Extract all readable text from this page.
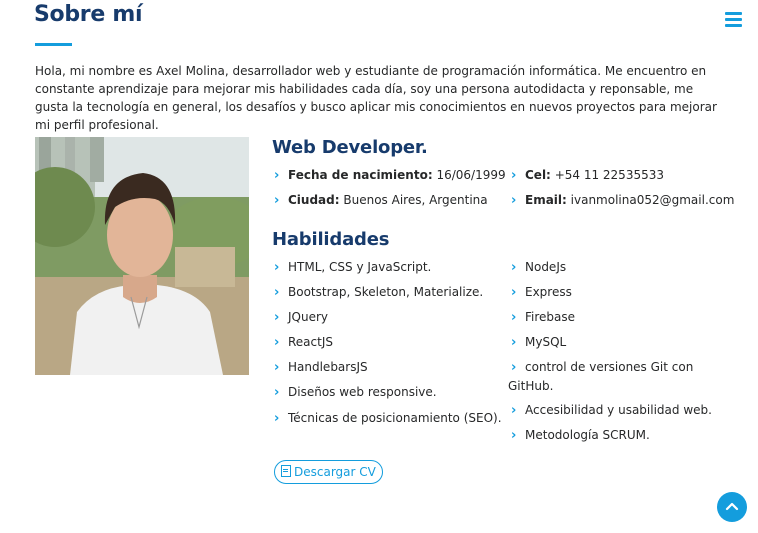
Sobre mí

Hola, mi nombre es Axel Molina, desarrollador web y estudiante de programación informática. Me encuentro en constante aprendizaje para mejorar mis habilidades cada día, soy una persona autodidacta y reponsable, me gusta la tecnología en general, los desafíos y busco aplicar mis conocimientos en nuevos proyectos para mejorar mi perfil profesional.

Web Developer.
› Fecha de nacimiento: 16/06/1999 › Cel: +54 11 22535533
› Ciudad: Buenos Aires, Argentina › Email: ivanmolina052@gmail.com
Habilidades
› HTML, CSS y JavaScript.
› Bootstrap, Skeleton, Materialize.
› JQuery
› ReactJS
› HandlebarsJS
› Diseños web responsive.
› Técnicas de posicionamiento (SEO).
› NodeJs
› Express
› Firebase
› MySQL
› control de versiones Git con GitHub.
› Accesibilidad y usabilidad web.
› Metodología SCRUM.
Descargar CV
